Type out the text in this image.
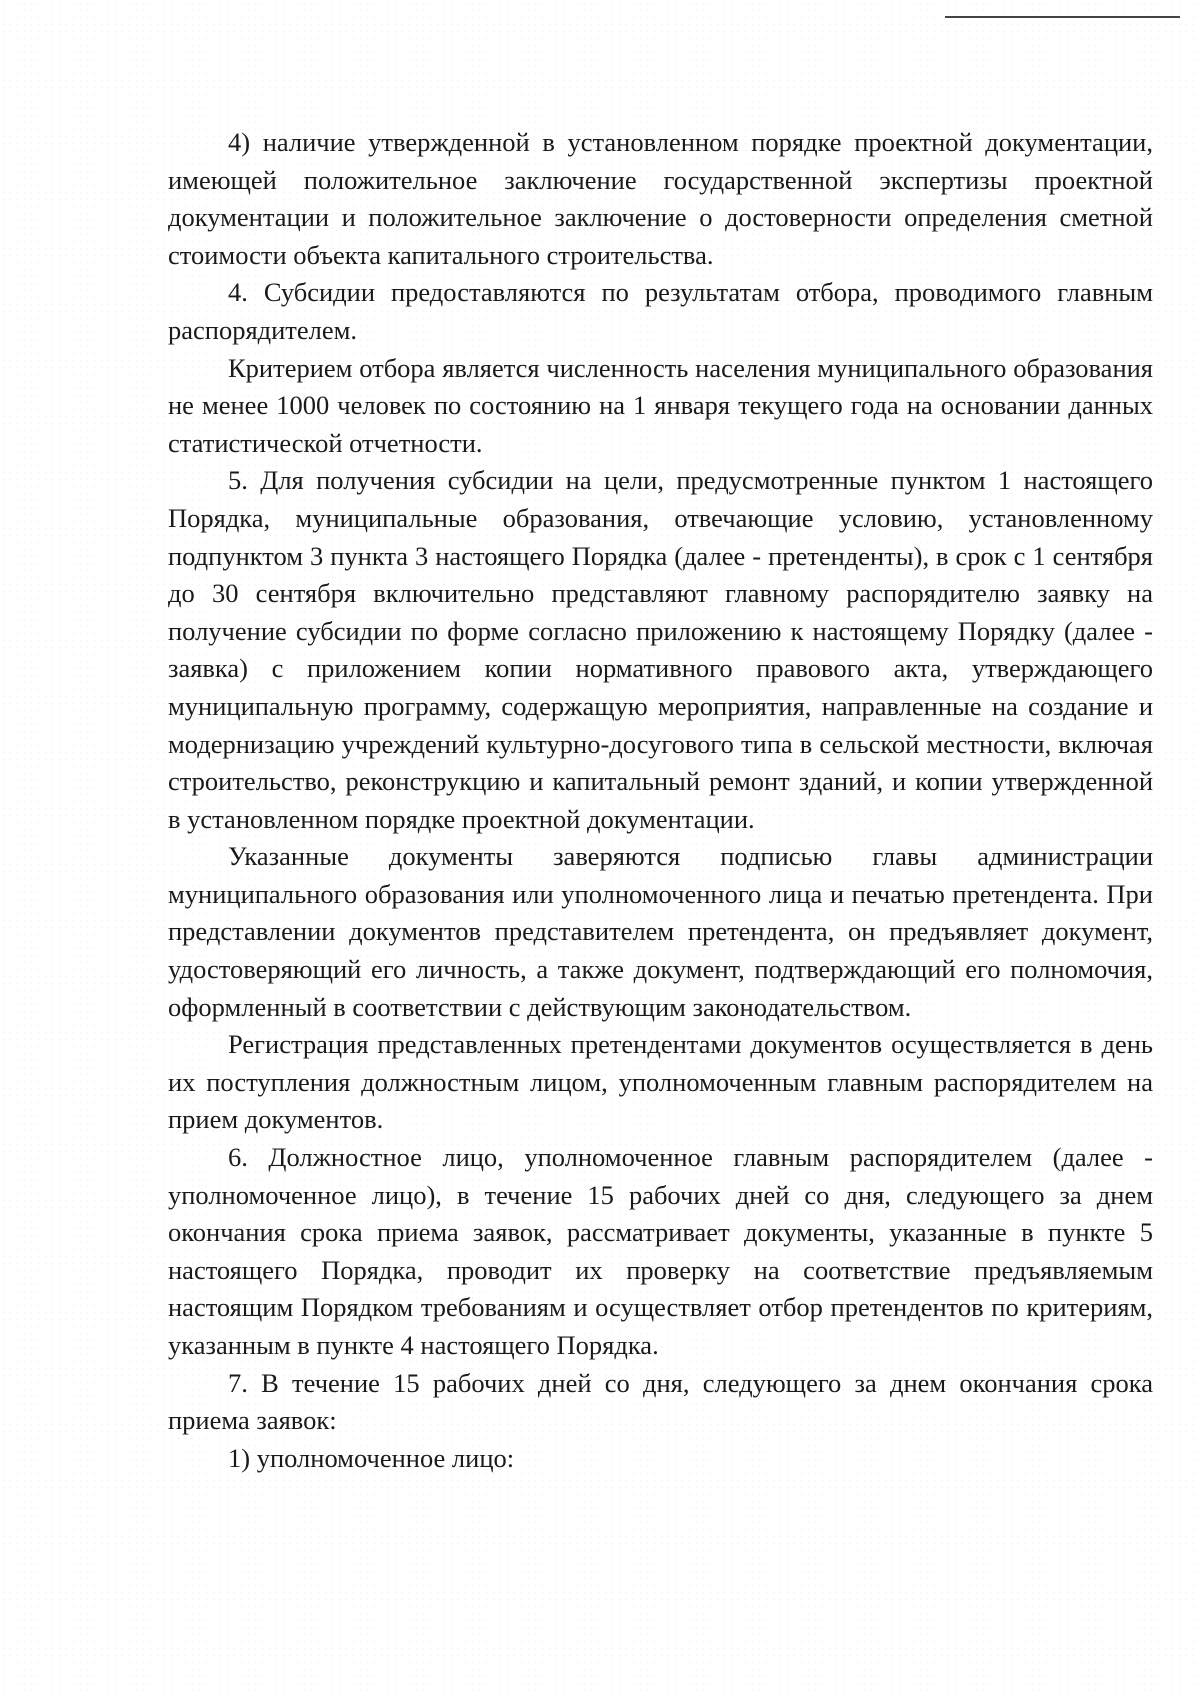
4) наличие утвержденной в установленном порядке проектной документации, имеющей положительное заключение государственной экспертизы проектной документации и положительное заключение о достоверности определения сметной стоимости объекта капитального строительства.

4. Субсидии предоставляются по результатам отбора, проводимого главным распорядителем.

Критерием отбора является численность населения муниципального образования не менее 1000 человек по состоянию на 1 января текущего года на основании данных статистической отчетности.

5. Для получения субсидии на цели, предусмотренные пунктом 1 настоящего Порядка, муниципальные образования, отвечающие условию, установленному подпунктом 3 пункта 3 настоящего Порядка (далее - претенденты), в срок с 1 сентября до 30 сентября включительно представляют главному распорядителю заявку на получение субсидии по форме согласно приложению к настоящему Порядку (далее - заявка) с приложением копии нормативного правового акта, утверждающего муниципальную программу, содержащую мероприятия, направленные на создание и модернизацию учреждений культурно-досугового типа в сельской местности, включая строительство, реконструкцию и капитальный ремонт зданий, и копии утвержденной в установленном порядке проектной документации.

Указанные документы заверяются подписью главы администрации муниципального образования или уполномоченного лица и печатью претендента. При представлении документов представителем претендента, он предъявляет документ, удостоверяющий его личность, а также документ, подтверждающий его полномочия, оформленный в соответствии с действующим законодательством.

Регистрация представленных претендентами документов осуществляется в день их поступления должностным лицом, уполномоченным главным распорядителем на прием документов.

6. Должностное лицо, уполномоченное главным распорядителем (далее - уполномоченное лицо), в течение 15 рабочих дней со дня, следующего за днем окончания срока приема заявок, рассматривает документы, указанные в пункте 5 настоящего Порядка, проводит их проверку на соответствие предъявляемым настоящим Порядком требованиям и осуществляет отбор претендентов по критериям, указанным в пункте 4 настоящего Порядка.

7. В течение 15 рабочих дней со дня, следующего за днем окончания срока приема заявок:

1) уполномоченное лицо:
